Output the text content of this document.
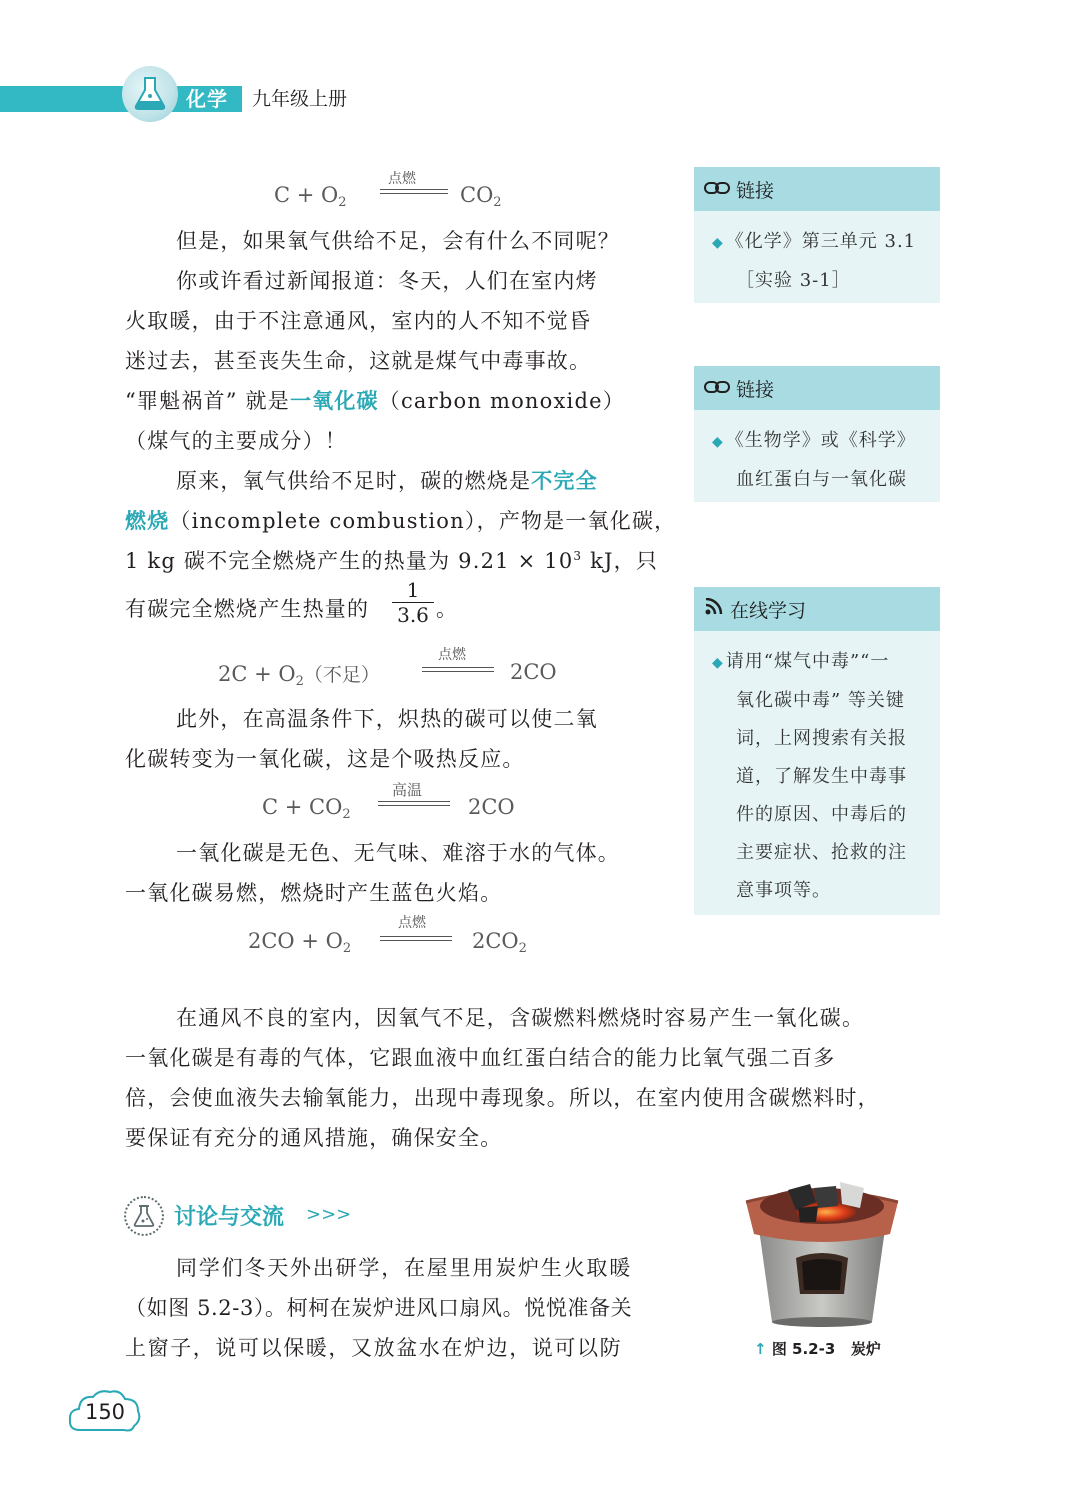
化学 九年级上册
$C + O_2$
点燃
$CO_2$
但是，如果氧气供给不足，会有什么不同呢？
你或许看过新闻报道：冬天，人们在室内烤
火取暖，由于不注意通风，室内的人不知不觉昏
迷过去，甚至丧失生命，这就是煤气中毒事故。
“罪魁祸首” 就是一氧化碳（carbon monoxide）
（煤气的主要成分）！
原来，氧气供给不足时，碳的燃烧是不完全
燃烧（incomplete combustion），产物是一氧化碳，
1 kg 碳不完全燃烧产生的热量为 $9.21 \times 10^3$ kJ，只
有碳完全燃烧产生热量的
1
3.6 。
$2C + O_2$（不足）
点燃
2CO
此外，在高温条件下，炽热的碳可以使二氧
化碳转变为一氧化碳，这是个吸热反应。
$C + CO_2$
高温
2CO
一氧化碳是无色、无气味、难溶于水的气体。
一氧化碳易燃，燃烧时产生蓝色火焰。
$2CO + O_2$
点燃
$2CO_2$
在通风不良的室内，因氧气不足，含碳燃料燃烧时容易产生一氧化碳。
一氧化碳是有毒的气体，它跟血液中血红蛋白结合的能力比氧气强二百多
倍，会使血液失去输氧能力，出现中毒现象。所以，在室内使用含碳燃料时，
要保证有充分的通风措施，确保安全。
链接
◆ 《化学》第三单元 3.1
［实验 3-1］
链接
◆ 《生物学》或《科学》
血红蛋白与一氧化碳
在线学习
◆ 请用“煤气中毒”“一
氧化碳中毒” 等关键
词，上网搜索有关报
道，了解发生中毒事
件的原因、中毒后的
主要症状、抢救的注
意事项等。
讨论与交流 >>>
同学们冬天外出研学，在屋里用炭炉生火取暖
（如图 5.2-3）。柯柯在炭炉进风口扇风。悦悦准备关
上窗子，说可以保暖，又放盆水在炉边，说可以防	↑ 图 5.2-3   炭炉
150
